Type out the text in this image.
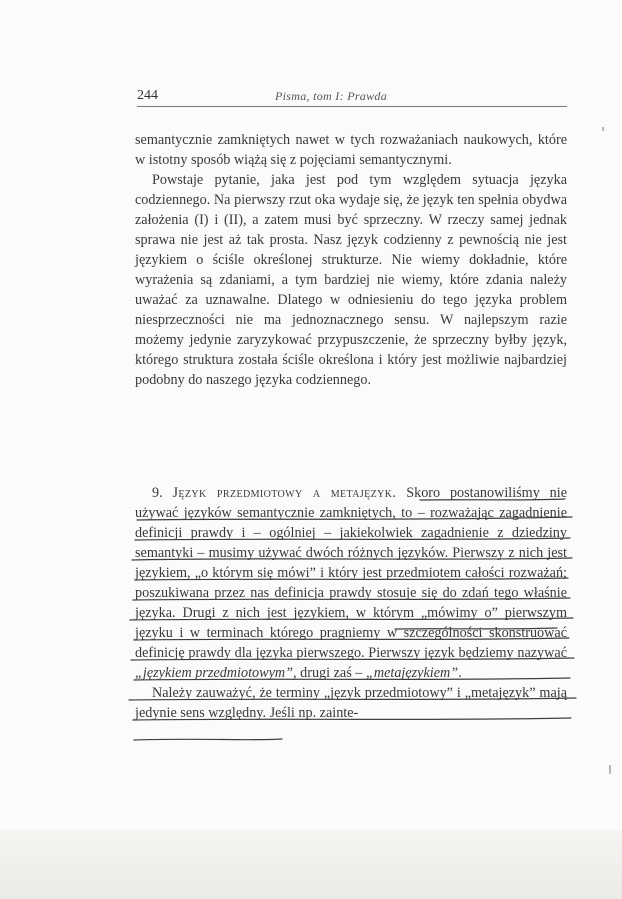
244	Pisma, tom I: Prawda

semantycznie zamkniętych nawet w tych rozważaniach naukowych, które w istotny sposób wiążą się z pojęciami semantycznymi.

Powstaje pytanie, jaka jest pod tym względem sytuacja języka codziennego. Na pierwszy rzut oka wydaje się, że język ten spełnia obydwa założenia (I) i (II), a zatem musi być sprzeczny. W rzeczy samej jednak sprawa nie jest aż tak prosta. Nasz język codzienny z pewnością nie jest językiem o ściśle określonej strukturze. Nie wiemy dokładnie, które wyrażenia są zdaniami, a tym bardziej nie wiemy, które zdania należy uważać za uznawalne. Dlatego w odniesieniu do tego języka problem niesprzeczności nie ma jednoznacznego sensu. W najlepszym razie możemy jedynie zaryzykować przypuszczenie, że sprzeczny byłby język, którego struktura została ściśle określona i który jest możliwie najbardziej podobny do naszego języka codziennego.

9. Język przedmiotowy a metajęzyk. Skoro postanowiliśmy nie używać języków semantycznie zamkniętych, to – rozważając zagadnienie definicji prawdy i – ogólniej – jakiekolwiek zagadnienie z dziedziny semantyki – musimy używać dwóch różnych języków. Pierwszy z nich jest językiem, „o którym się mówi” i który jest przedmiotem całości rozważań; poszukiwana przez nas definicja prawdy stosuje się do zdań tego właśnie języka. Drugi z nich jest językiem, w którym „mówimy o” pierwszym języku i w terminach którego pragniemy w szczególności skonstruować definicję prawdy dla języka pierwszego. Pierwszy język będziemy nazywać „językiem przedmiotowym”, drugi zaś – „metajęzykiem”.

Należy zauważyć, że terminy „język przedmiotowy” i „metajęzyk” mają jedynie sens względny. Jeśli np. zainte-
